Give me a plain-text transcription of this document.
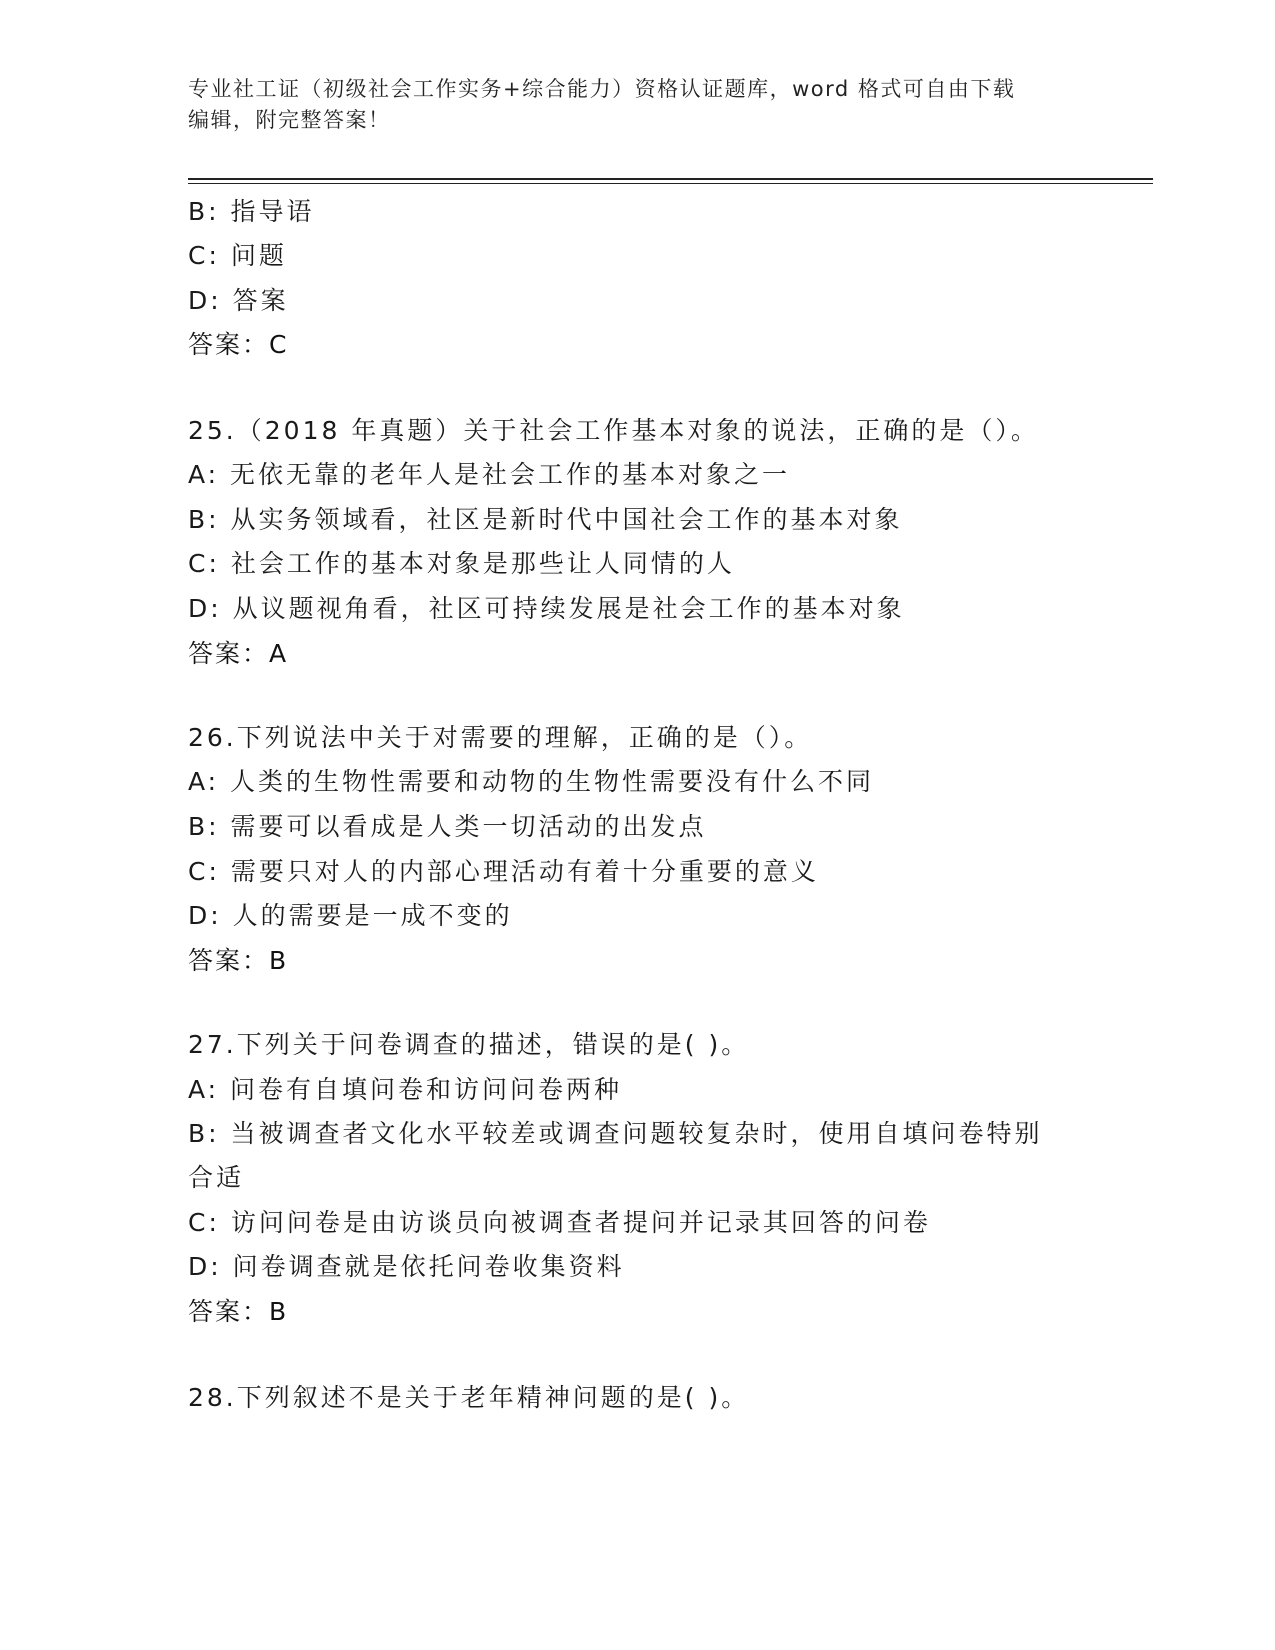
专业社工证（初级社会工作实务+综合能力）资格认证题库，word 格式可自由下载
编辑，附完整答案！
B: 指导语
C: 问题
D: 答案
答案：C
25.（2018 年真题）关于社会工作基本对象的说法，正确的是（）。
A: 无依无靠的老年人是社会工作的基本对象之一
B: 从实务领域看，社区是新时代中国社会工作的基本对象
C: 社会工作的基本对象是那些让人同情的人
D: 从议题视角看，社区可持续发展是社会工作的基本对象
答案：A
26.下列说法中关于对需要的理解，正确的是（）。
A: 人类的生物性需要和动物的生物性需要没有什么不同
B: 需要可以看成是人类一切活动的出发点
C: 需要只对人的内部心理活动有着十分重要的意义
D: 人的需要是一成不变的
答案：B
27.下列关于问卷调查的描述，错误的是( )。
A: 问卷有自填问卷和访问问卷两种
B: 当被调查者文化水平较差或调查问题较复杂时，使用自填问卷特别
合适
C: 访问问卷是由访谈员向被调查者提问并记录其回答的问卷
D: 问卷调查就是依托问卷收集资料
答案：B
28.下列叙述不是关于老年精神问题的是( )。
